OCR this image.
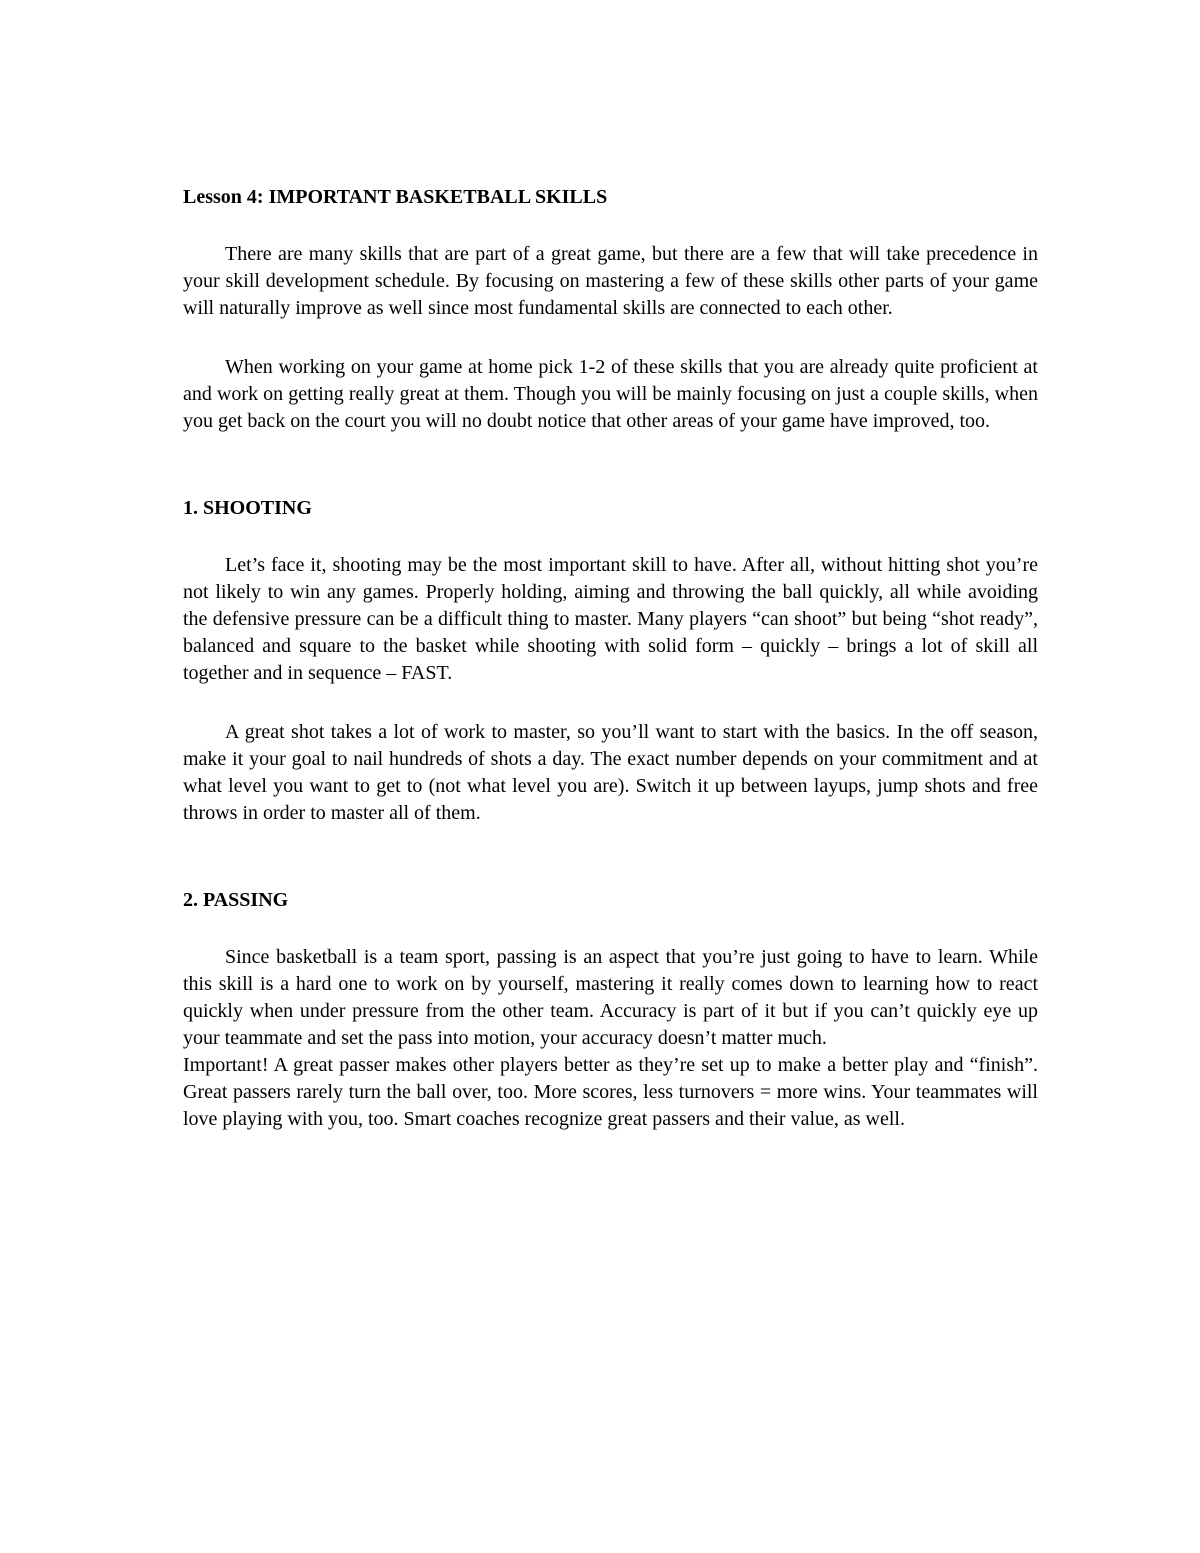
Lesson 4: IMPORTANT BASKETBALL SKILLS

There are many skills that are part of a great game, but there are a few that will take precedence in your skill development schedule. By focusing on mastering a few of these skills other parts of your game will naturally improve as well since most fundamental skills are connected to each other.

When working on your game at home pick 1-2 of these skills that you are already quite proficient at and work on getting really great at them. Though you will be mainly focusing on just a couple skills, when you get back on the court you will no doubt notice that other areas of your game have improved, too.

1. SHOOTING

Let’s face it, shooting may be the most important skill to have. After all, without hitting shot you’re not likely to win any games. Properly holding, aiming and throwing the ball quickly, all while avoiding the defensive pressure can be a difficult thing to master. Many players “can shoot” but being “shot ready”, balanced and square to the basket while shooting with solid form – quickly – brings a lot of skill all together and in sequence – FAST.

A great shot takes a lot of work to master, so you’ll want to start with the basics. In the off season, make it your goal to nail hundreds of shots a day. The exact number depends on your commitment and at what level you want to get to (not what level you are). Switch it up between layups, jump shots and free throws in order to master all of them.

2. PASSING

Since basketball is a team sport, passing is an aspect that you’re just going to have to learn. While this skill is a hard one to work on by yourself, mastering it really comes down to learning how to react quickly when under pressure from the other team. Accuracy is part of it but if you can’t quickly eye up your teammate and set the pass into motion, your accuracy doesn’t matter much.

Important! A great passer makes other players better as they’re set up to make a better play and “finish”. Great passers rarely turn the ball over, too. More scores, less turnovers = more wins. Your teammates will love playing with you, too. Smart coaches recognize great passers and their value, as well.
